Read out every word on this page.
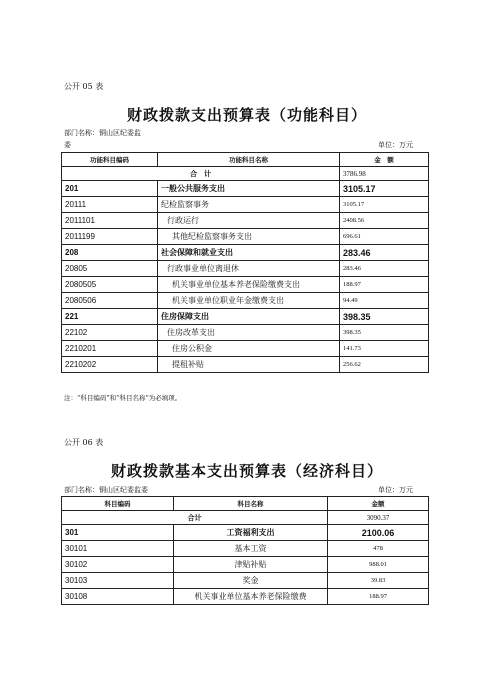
公开 05 表
财政拨款支出预算表（功能科目）
部门名称：铜山区纪委监
委	单位：万元
功能科目编码	功能科目名称	金　额
合　计		3786.98
201	一般公共服务支出	3105.17
20111	纪检监察事务	3105.17
2011101	行政运行	2408.56
2011199	其他纪检监察事务支出	696.61
208	社会保障和就业支出	283.46
20805	行政事业单位离退休	283.46
2080505	机关事业单位基本养老保险缴费支出	188.97
2080506	机关事业单位职业年金缴费支出	94.49
221	住房保障支出	398.35
22102	住房改革支出	398.35
2210201	住房公积金	141.73
2210202	提租补贴	256.62
注：“科目编码”和“科目名称”为必填项。
公开 06 表
财政拨款基本支出预算表（经济科目）
部门名称：铜山区纪委监委	单位：万元
科目编码	科目名称	金额
合计		3090.37
301	工资福利支出	2100.06
30101	基本工资	478
30102	津贴补贴	988.01
30103	奖金	39.83
30108	机关事业单位基本养老保险缴费	188.97
